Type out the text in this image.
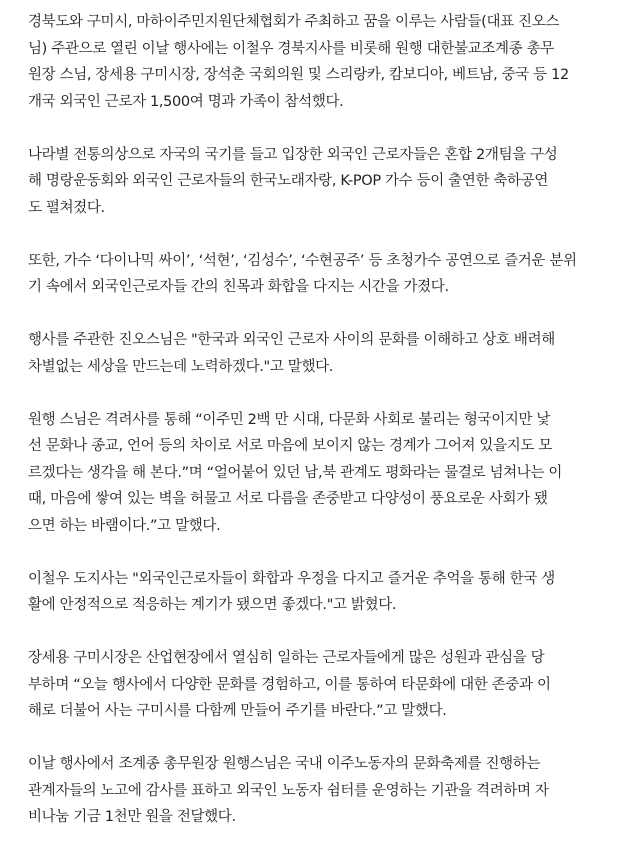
경북도와 구미시, 마하이주민지원단체협회가 주최하고 꿈을 이루는 사람들(대표 진오스
님) 주관으로 열린 이날 행사에는 이철우 경북지사를 비롯해 원행 대한불교조계종 총무
원장 스님, 장세용 구미시장, 장석춘 국회의원 및 스리랑카, 캄보디아, 베트남, 중국 등 12
개국 외국인 근로자 1,500여 명과 가족이 참석했다.

나라별 전통의상으로 자국의 국기를 들고 입장한 외국인 근로자들은 혼합 2개팀을 구성
해 명랑운동회와 외국인 근로자들의 한국노래자랑, K-POP 가수 등이 출연한 축하공연
도 펼쳐졌다.

또한, 가수 ‘다이나믹 싸이’, ‘석현’, ‘김성수’, ‘수현공주’ 등 초청가수 공연으로 즐거운 분위
기 속에서 외국인근로자들 간의 친목과 화합을 다지는 시간을 가졌다.

행사를 주관한 진오스님은 "한국과 외국인 근로자 사이의 문화를 이해하고 상호 배려해
차별없는 세상을 만드는데 노력하겠다."고 말했다.

원행 스님은 격려사를 통해 “이주민 2백 만 시대, 다문화 사회로 불리는 형국이지만 낯
선 문화나 종교, 언어 등의 차이로 서로 마음에 보이지 않는 경계가 그어져 있을지도 모
르겠다는 생각을 해 본다.”며 “얼어붙어 있던 남,북 관계도 평화라는 물결로 넘쳐나는 이
때, 마음에 쌓여 있는 벽을 허물고 서로 다름을 존중받고 다양성이 풍요로운 사회가 됐
으면 하는 바램이다.”고 말했다.

이철우 도지사는 "외국인근로자들이 화합과 우정을 다지고 즐거운 추억을 통해 한국 생
활에 안정적으로 적응하는 계기가 됐으면 좋겠다."고 밝혔다.

장세용 구미시장은 산업현장에서 열심히 일하는 근로자들에게 많은 성원과 관심을 당
부하며 “오늘 행사에서 다양한 문화를 경험하고, 이를 통하여 타문화에 대한 존중과 이
해로 더불어 사는 구미시를 다함께 만들어 주기를 바란다.”고 말했다.

이날 행사에서 조계종 총무원장 원행스님은 국내 이주노동자의 문화축제를 진행하는
관계자들의 노고에 감사를 표하고 외국인 노동자 쉼터를 운영하는 기관을 격려하며 자
비나눔 기금 1천만 원을 전달했다.
